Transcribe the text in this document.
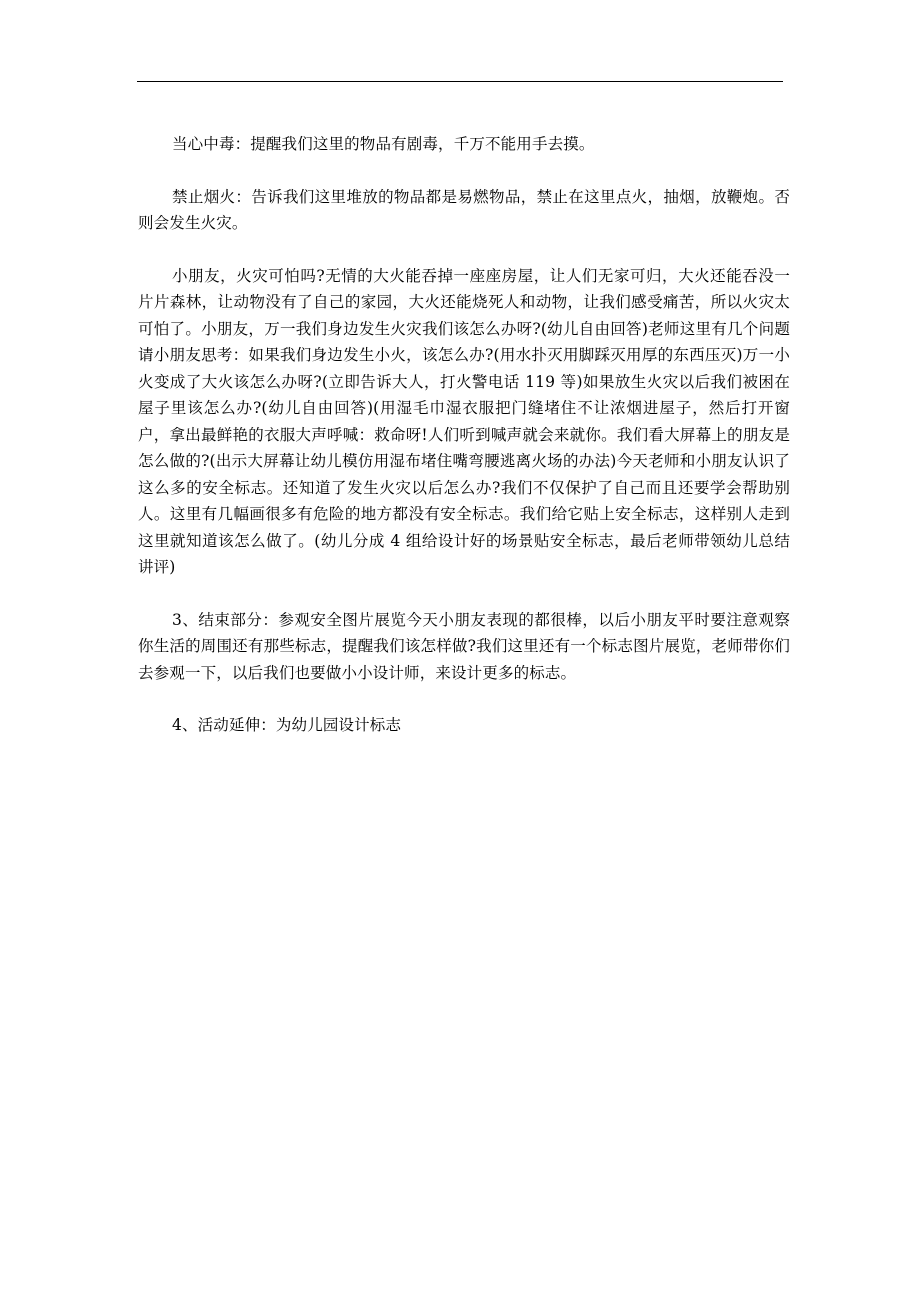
当心中毒：提醒我们这里的物品有剧毒，千万不能用手去摸。

禁止烟火：告诉我们这里堆放的物品都是易燃物品，禁止在这里点火，抽烟，放鞭炮。否则会发生火灾。

小朋友，火灾可怕吗?无情的大火能吞掉一座座房屋，让人们无家可归，大火还能吞没一片片森林，让动物没有了自己的家园，大火还能烧死人和动物，让我们感受痛苦，所以火灾太可怕了。小朋友，万一我们身边发生火灾我们该怎么办呀?(幼儿自由回答)老师这里有几个问题请小朋友思考：如果我们身边发生小火，该怎么办?(用水扑灭用脚踩灭用厚的东西压灭)万一小火变成了大火该怎么办呀?(立即告诉大人，打火警电话 119 等)如果放生火灾以后我们被困在屋子里该怎么办?(幼儿自由回答)(用湿毛巾湿衣服把门缝堵住不让浓烟进屋子，然后打开窗户，拿出最鲜艳的衣服大声呼喊：救命呀!人们听到喊声就会来就你。我们看大屏幕上的朋友是怎么做的?(出示大屏幕让幼儿模仿用湿布堵住嘴弯腰逃离火场的办法)今天老师和小朋友认识了这么多的安全标志。还知道了发生火灾以后怎么办?我们不仅保护了自己而且还要学会帮助别人。这里有几幅画很多有危险的地方都没有安全标志。我们给它贴上安全标志，这样别人走到这里就知道该怎么做了。(幼儿分成 4 组给设计好的场景贴安全标志，最后老师带领幼儿总结讲评)

3、结束部分：参观安全图片展览今天小朋友表现的都很棒，以后小朋友平时要注意观察你生活的周围还有那些标志，提醒我们该怎样做?我们这里还有一个标志图片展览，老师带你们去参观一下，以后我们也要做小小设计师，来设计更多的标志。

4、活动延伸：为幼儿园设计标志
